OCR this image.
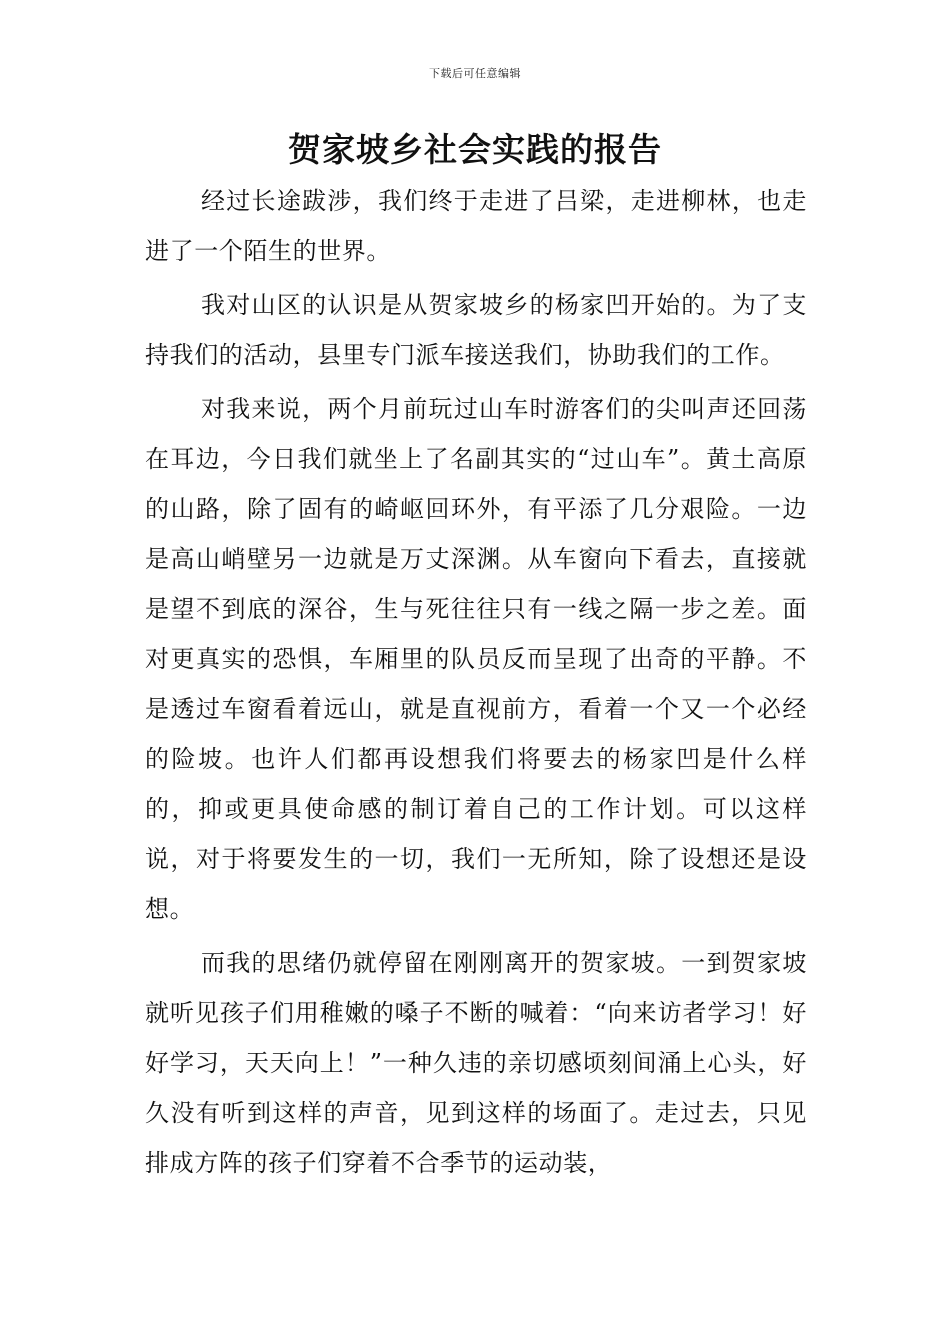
下载后可任意编辑
贺家坡乡社会实践的报告

经过长途跋涉，我们终于走进了吕梁，走进柳林，也走进了一个陌生的世界。

我对山区的认识是从贺家坡乡的杨家凹开始的。为了支持我们的活动，县里专门派车接送我们，协助我们的工作。

对我来说，两个月前玩过山车时游客们的尖叫声还回荡在耳边，今日我们就坐上了名副其实的“过山车”。黄土高原的山路，除了固有的崎岖回环外，有平添了几分艰险。一边是高山峭壁另一边就是万丈深渊。从车窗向下看去，直接就是望不到底的深谷，生与死往往只有一线之隔一步之差。面对更真实的恐惧，车厢里的队员反而呈现了出奇的平静。不是透过车窗看着远山，就是直视前方，看着一个又一个必经的险坡。也许人们都再设想我们将要去的杨家凹是什么样的，抑或更具使命感的制订着自己的工作计划。可以这样说，对于将要发生的一切，我们一无所知，除了设想还是设想。

而我的思绪仍就停留在刚刚离开的贺家坡。一到贺家坡就听见孩子们用稚嫩的嗓子不断的喊着：“向来访者学习！好好学习，天天向上！”一种久违的亲切感顷刻间涌上心头，好久没有听到这样的声音，见到这样的场面了。走过去，只见排成方阵的孩子们穿着不合季节的运动装，
